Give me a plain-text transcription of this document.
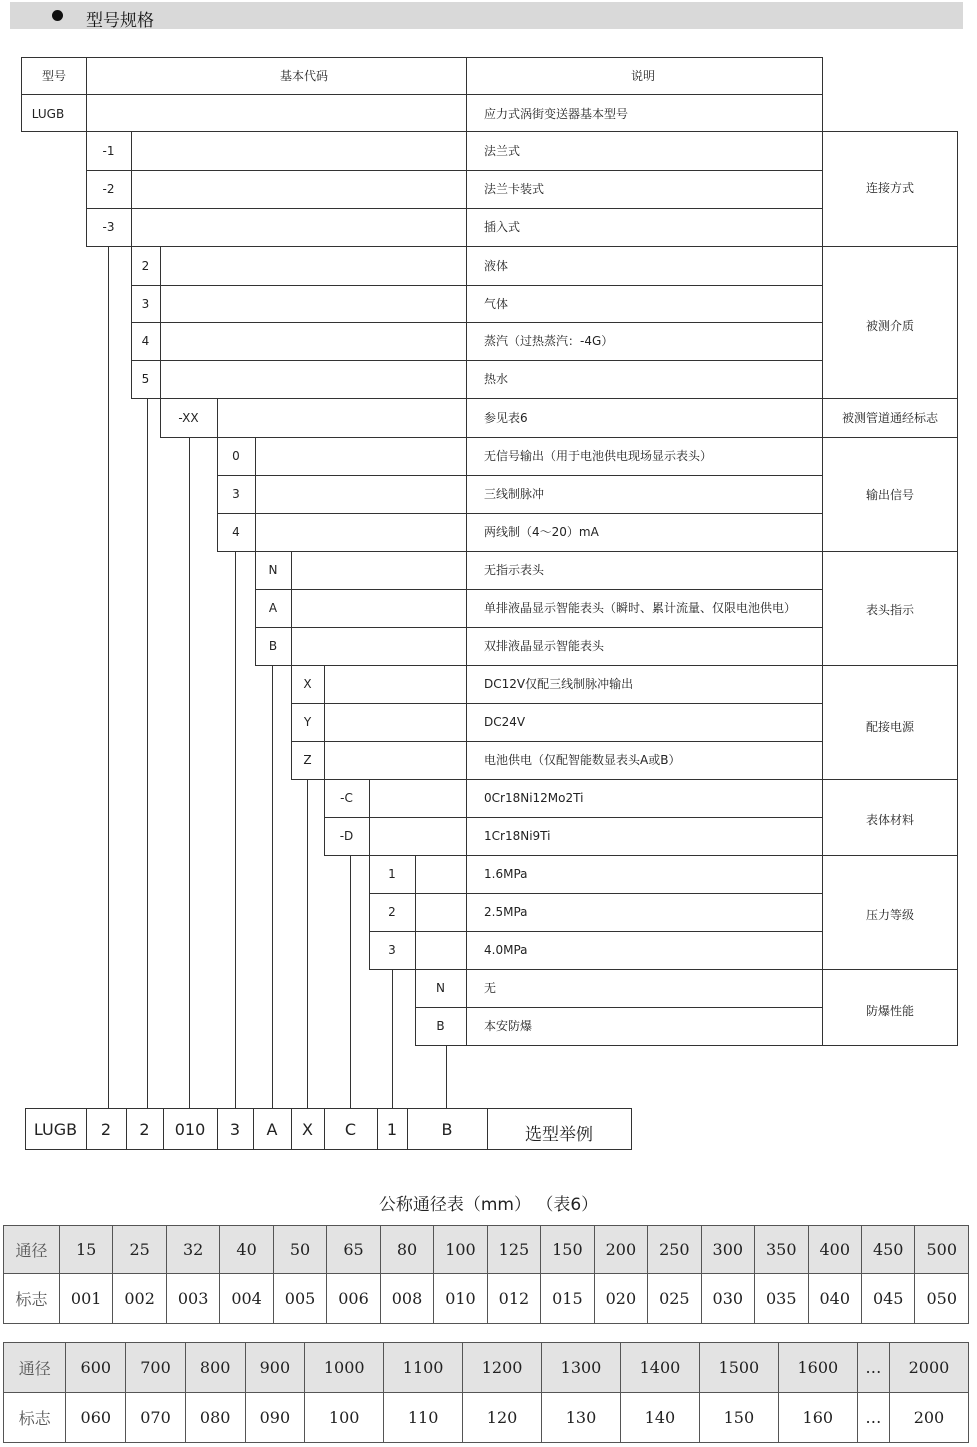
型号规格
型号	基本代码	说明
LUGB	应力式涡街变送器基本型号
-1	法兰式
-2	法兰卡装式
-3	插入式
连接方式
2	液体
3	气体
4	蒸汽（过热蒸汽：-4G）
5	热水
被测介质
-XX	参见表6	被测管道通经标志
0	无信号输出（用于电池供电现场显示表头）
3	三线制脉冲
4	两线制（4～20）mA
输出信号
N	无指示表头
A	单排液晶显示智能表头（瞬时、累计流量、仅限电池供电）
B	双排液晶显示智能表头
表头指示
X	DC12V仅配三线制脉冲输出
Y	DC24V
Z	电池供电（仅配智能数显表头A或B）
配接电源
-C	0Cr18Ni12Mo2Ti
-D	1Cr18Ni9Ti
表体材料
1	1.6MPa
2	2.5MPa
3	4.0MPa
压力等级
N	无
B	本安防爆
防爆性能
LUGB 2 2 010 3 A X C 1	B	选型举例
公称通径表（mm） （表6）
通径	15	25	32	40	50	65	80	100	125	150	200	250	300	350	400	450	500
标志	001	002	003	004	005	006	008	010	012	015	020	025	030	035	040	045	050
通径	600	700	800	900	1000	1100	1200	1300	1400	1500	1600	…	2000
标志	060	070	080	090	100	110	120	130	140	150	160	…	200
